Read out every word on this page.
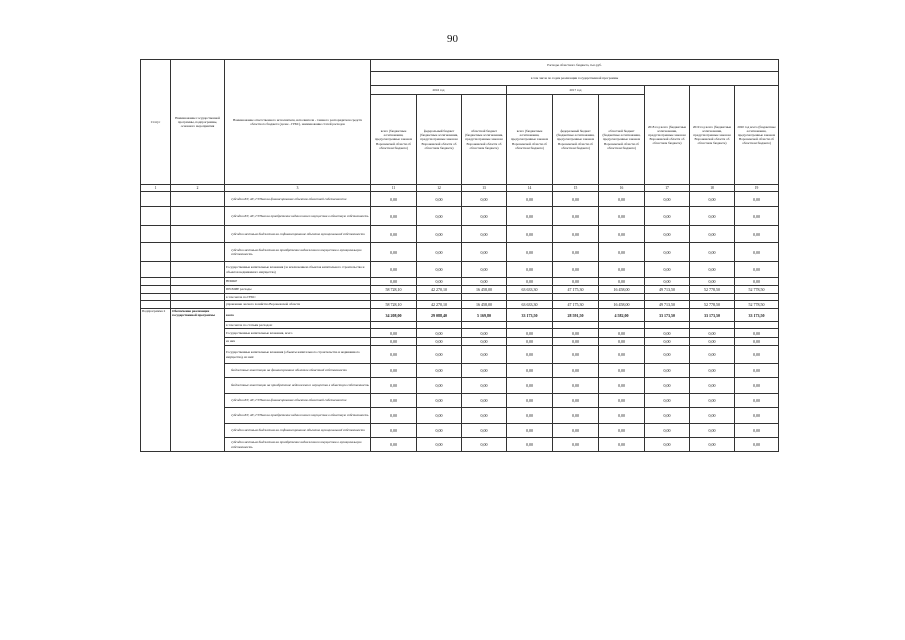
90
Статус	Наименование государственной программы, подпрограммы, основного мероприятия	Наименование ответственного исполнителя, исполнителя - главного распорядителя средств областного бюджета (далее - ГРБС), наименование статей расходов	Расходы областного бюджета, тыс.руб.								
			в том числе по годам реализации государственной программы								
			2016 год			2017 год			2018 год всего (бюджетные ассигнования, предусмотренные законом Воронежской области об областном бюджете)	2019 год всего (бюджетные ассигнования, предусмотренные законом Воронежской области об областном бюджете)	2020 год всего (бюджетные ассигнования, предусмотренные законом Воронежской области об областном бюджете)
			всего (бюджетные ассигнования, предусмотренные законом Воронежской области об областном бюджете)	федеральный бюджет (бюджетные ассигнования, предусмотренные законом Воронежской области об областном бюджете)	областной бюджет (бюджетные ассигнования, предусмотренные законом Воронежской области об областном бюджете)	всего (бюджетные ассигнования, предусмотренные законом Воронежской области об областном бюджете)	федеральный бюджет (бюджетные ассигнования, предусмотренные законом Воронежской области об областном бюджете)	областной бюджет (бюджетные ассигнования, предусмотренные законом Воронежской области об областном бюджете)			
1	2	3	11	12	13	14	15	16	17	18	19
		субсидии БУ, АУ, ГУПам на финансирование объектов областной собственности	0,00	0,00	0,00	0,00	0,00	0,00	0,00	0,00	0,00
		субсидии БУ, АУ, ГУПам на приобретение недвижимого имущества в областную собственность	0,00	0,00	0,00	0,00	0,00	0,00	0,00	0,00	0,00
		субсидии местным бюджетам на софинансирование объектов муниципальной собственности	0,00	0,00	0,00	0,00	0,00	0,00	0,00	0,00	0,00
		субсидии местным бюджетам на приобретение недвижимого имущества в муниципальную собственность	0,00	0,00	0,00	0,00	0,00	0,00	0,00	0,00	0,00
		Государственные капитальные вложения (за исключением объектов капитального строительства и объектов недвижимого имущества)	0,00	0,00	0,00	0,00	0,00	0,00	0,00	0,00	0,00
		НИОКР	0,00	0,00	0,00	0,00	0,00	0,00	0,00	0,00	0,00
		ПРОЧИЕ расходы	58 728,10	42 270,10	16 458,00	63 633,30	47 175,30	16 458,00	49 713,50	52 778,50	52 778,50
		в том числе по ГРБС:									
		управление лесного хозяйства Воронежской области	58 728,10	42 270,10	16 458,00	63 633,30	47 175,30	16 458,00	49 713,50	52 778,50	52 778,50
Подпрограмма 2	Обеспечение реализации государственной программы	всего	34 208,00	29 088,40	5 169,80	33 173,50	28 591,50	4 582,00	33 173,50	33 173,50	33 173,50
		в том числе по статьям расходов:									
		Государственные капитальные вложения, всего	0,00	0,00	0,00	0,00	0,00	0,00	0,00	0,00	0,00
		из них	0,00	0,00	0,00	0,00	0,00	0,00	0,00	0,00	0,00
		Государственные капитальные вложения (объекты капитального строительства и недвижимого имущества), из них:	0,00	0,00	0,00	0,00	0,00	0,00	0,00	0,00	0,00
		бюджетные инвестиции на финансирование объектов областной собственности	0,00	0,00	0,00	0,00	0,00	0,00	0,00	0,00	0,00
		бюджетные инвестиции на приобретение недвижимого имущества в областную собственность	0,00	0,00	0,00	0,00	0,00	0,00	0,00	0,00	0,00
		субсидии БУ, АУ, ГУПам на финансирование объектов областной собственности	0,00	0,00	0,00	0,00	0,00	0,00	0,00	0,00	0,00
		субсидии БУ, АУ, ГУПам на приобретение недвижимого имущества в областную собственность	0,00	0,00	0,00	0,00	0,00	0,00	0,00	0,00	0,00
		субсидии местным бюджетам на софинансирование объектов муниципальной собственности	0,00	0,00	0,00	0,00	0,00	0,00	0,00	0,00	0,00
		субсидии местным бюджетам на приобретение недвижимого имущества в муниципальную собственность	0,00	0,00	0,00	0,00	0,00	0,00	0,00	0,00	0,00
